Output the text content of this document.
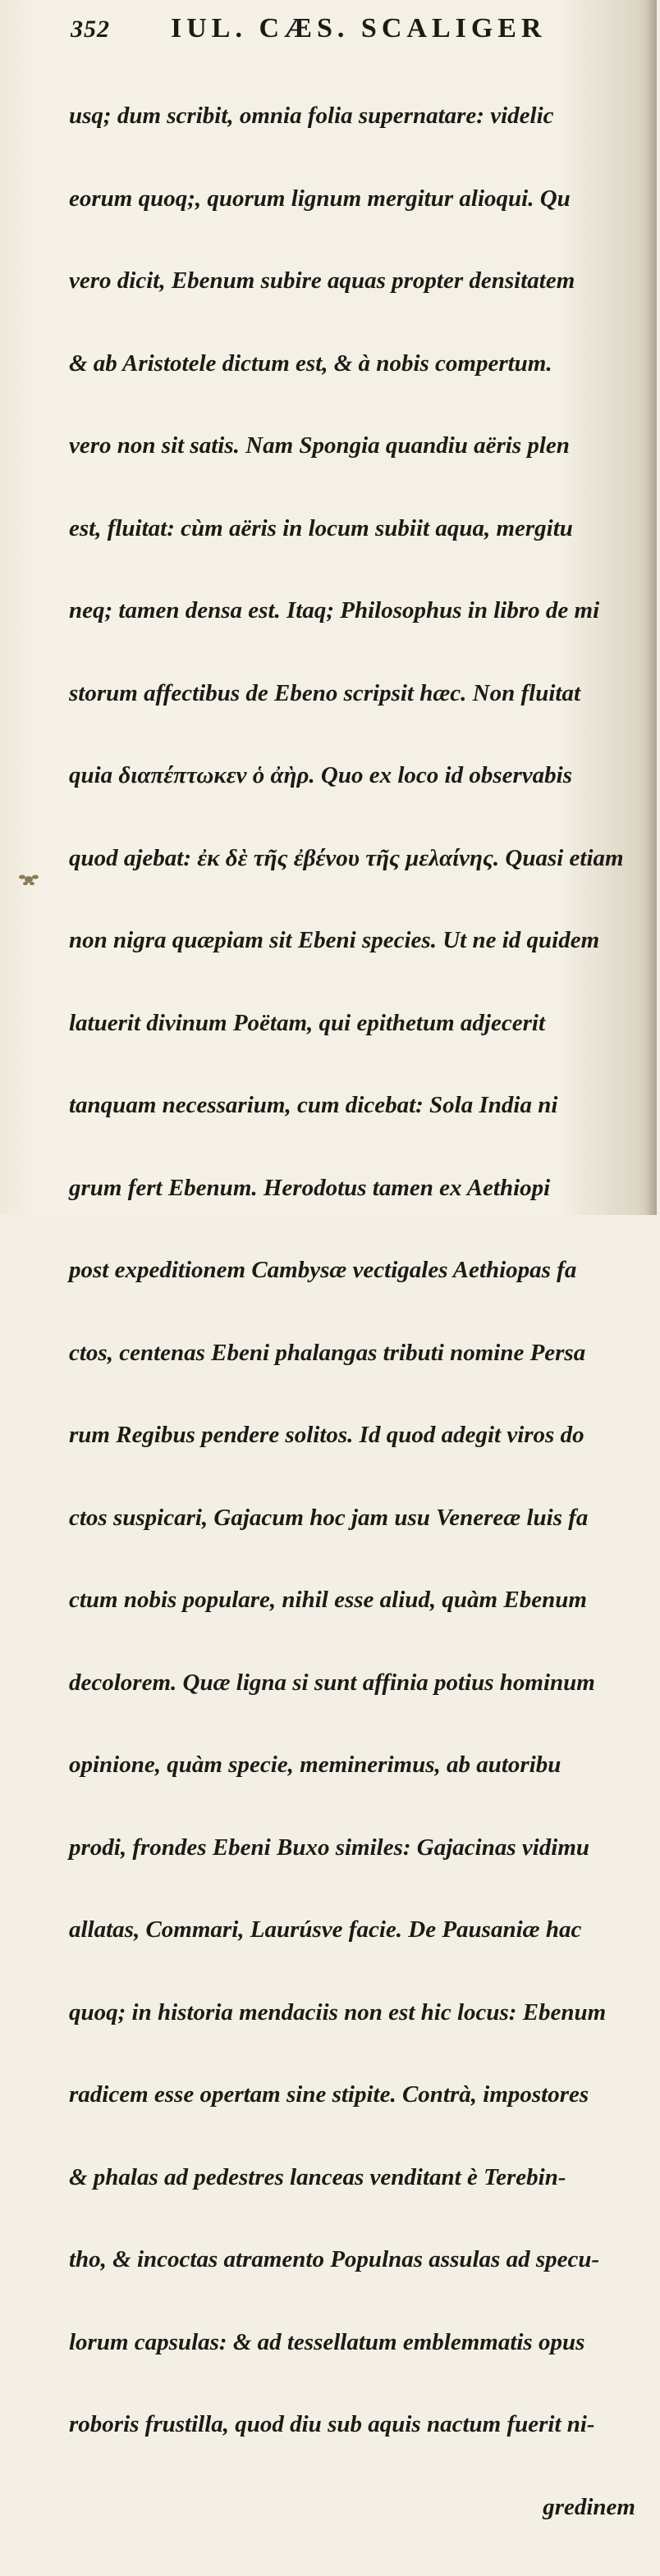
352 IUL. CÆS. SCALIGER

usq; dum scribit, omnia folia supernatare: videlic

eorum quoq;, quorum lignum mergitur alioqui. Qu

vero dicit, Ebenum subire aquas propter densitatem

& ab Aristotele dictum est, & à nobis compertum.

vero non sit satis. Nam Spongia quandiu aëris plen

est, fluitat: cùm aëris in locum subiit aqua, mergitu

neq; tamen densa est. Itaq; Philosophus in libro de mi

storum affectibus de Ebeno scripsit hæc. Non fluitat

quia διαπέπτωκεν ὁ ἀὴρ. Quo ex loco id observabis

quod ajebat: ἐκ δὲ τῆς ἐβένου τῆς μελαίνης. Quasi etiam

non nigra quæpiam sit Ebeni species. Ut ne id quidem

latuerit divinum Poëtam, qui epithetum adjecerit

tanquam necessarium, cum dicebat: Sola India ni

grum fert Ebenum. Herodotus tamen ex Aethiopi

post expeditionem Cambysæ vectigales Aethiopas fa

ctos, centenas Ebeni phalangas tributi nomine Persa

rum Regibus pendere solitos. Id quod adegit viros do

ctos suspicari, Gajacum hoc jam usu Venereæ luis fa

ctum nobis populare, nihil esse aliud, quàm Ebenum

decolorem. Quæ ligna si sunt affinia potius hominum

opinione, quàm specie, meminerimus, ab autoribu

prodi, frondes Ebeni Buxo similes: Gajacinas vidimu

allatas, Commari, Laurúsve facie. De Pausaniæ hac

quoq; in historia mendaciis non est hic locus: Ebenum

radicem esse opertam sine stipite. Contrà, impostores

& phalas ad pedestres lanceas venditant è Terebin-

tho, & incoctas atramento Populnas assulas ad specu-

lorum capsulas: & ad tessellatum emblemmatis opus

roboris frustilla, quod diu sub aquis nactum fuerit ni-

gredinem
